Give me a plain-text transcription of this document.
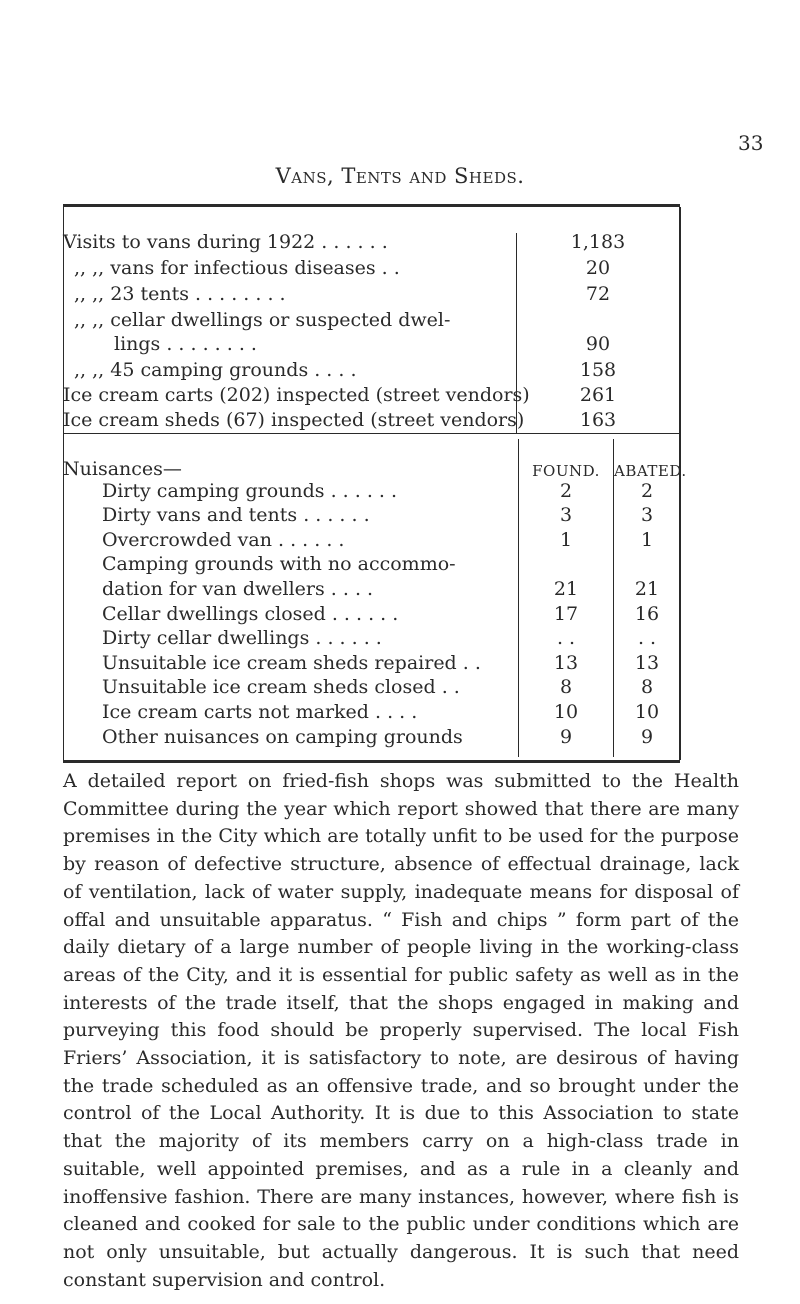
33
Vans, Tents and Sheds.
Visits to vans during 1922 . . . . . .	1,183
,, ,, vans for infectious diseases . .	20
,, ,, 23 tents . . . . . . . .	72
,, ,, cellar dwellings or suspected dwel-
lings . . . . . . . .	90
,, ,, 45 camping grounds . . . .	158
Ice cream carts (202) inspected (street vendors)	261
Ice cream sheds (67) inspected (street vendors)	163
Nuisances—	FOUND. ABATED.
Dirty camping grounds . . . . . .	2	2
Dirty vans and tents . . . . . .	3	3
Overcrowded van . . . . . .	1	1
Camping grounds with no accommo-
dation for van dwellers . . . .	21	21
Cellar dwellings closed . . . . . .	17	16
Dirty cellar dwellings . . . . . .	. .	. .
Unsuitable ice cream sheds repaired . .	13	13
Unsuitable ice cream sheds closed . .	8	8
Ice cream carts not marked . . . .	10	10
Other nuisances on camping grounds	9	9
A detailed report on fried-fish shops was submitted to the Health Committee during the year which report showed that there are many premises in the City which are totally unfit to be used for the purpose by reason of defective structure, absence of effectual drainage, lack of ventilation, lack of water supply, inadequate means for disposal of offal and unsuitable apparatus. “ Fish and chips ” form part of the daily dietary of a large number of people living in the working-class areas of the City, and it is essential for public safety as well as in the interests of the trade itself, that the shops engaged in making and purveying this food should be properly supervised. The local Fish Friers’ Association, it is satisfactory to note, are desirous of having the trade scheduled as an offensive trade, and so brought under the control of the Local Authority. It is due to this Association to state that the majority of its members carry on a high-class trade in suitable, well appointed premises, and as a rule in a cleanly and inoffensive fashion. There are many instances, however, where fish is cleaned and cooked for sale to the public under conditions which are not only unsuitable, but actually dangerous. It is such that need constant supervision and control.
